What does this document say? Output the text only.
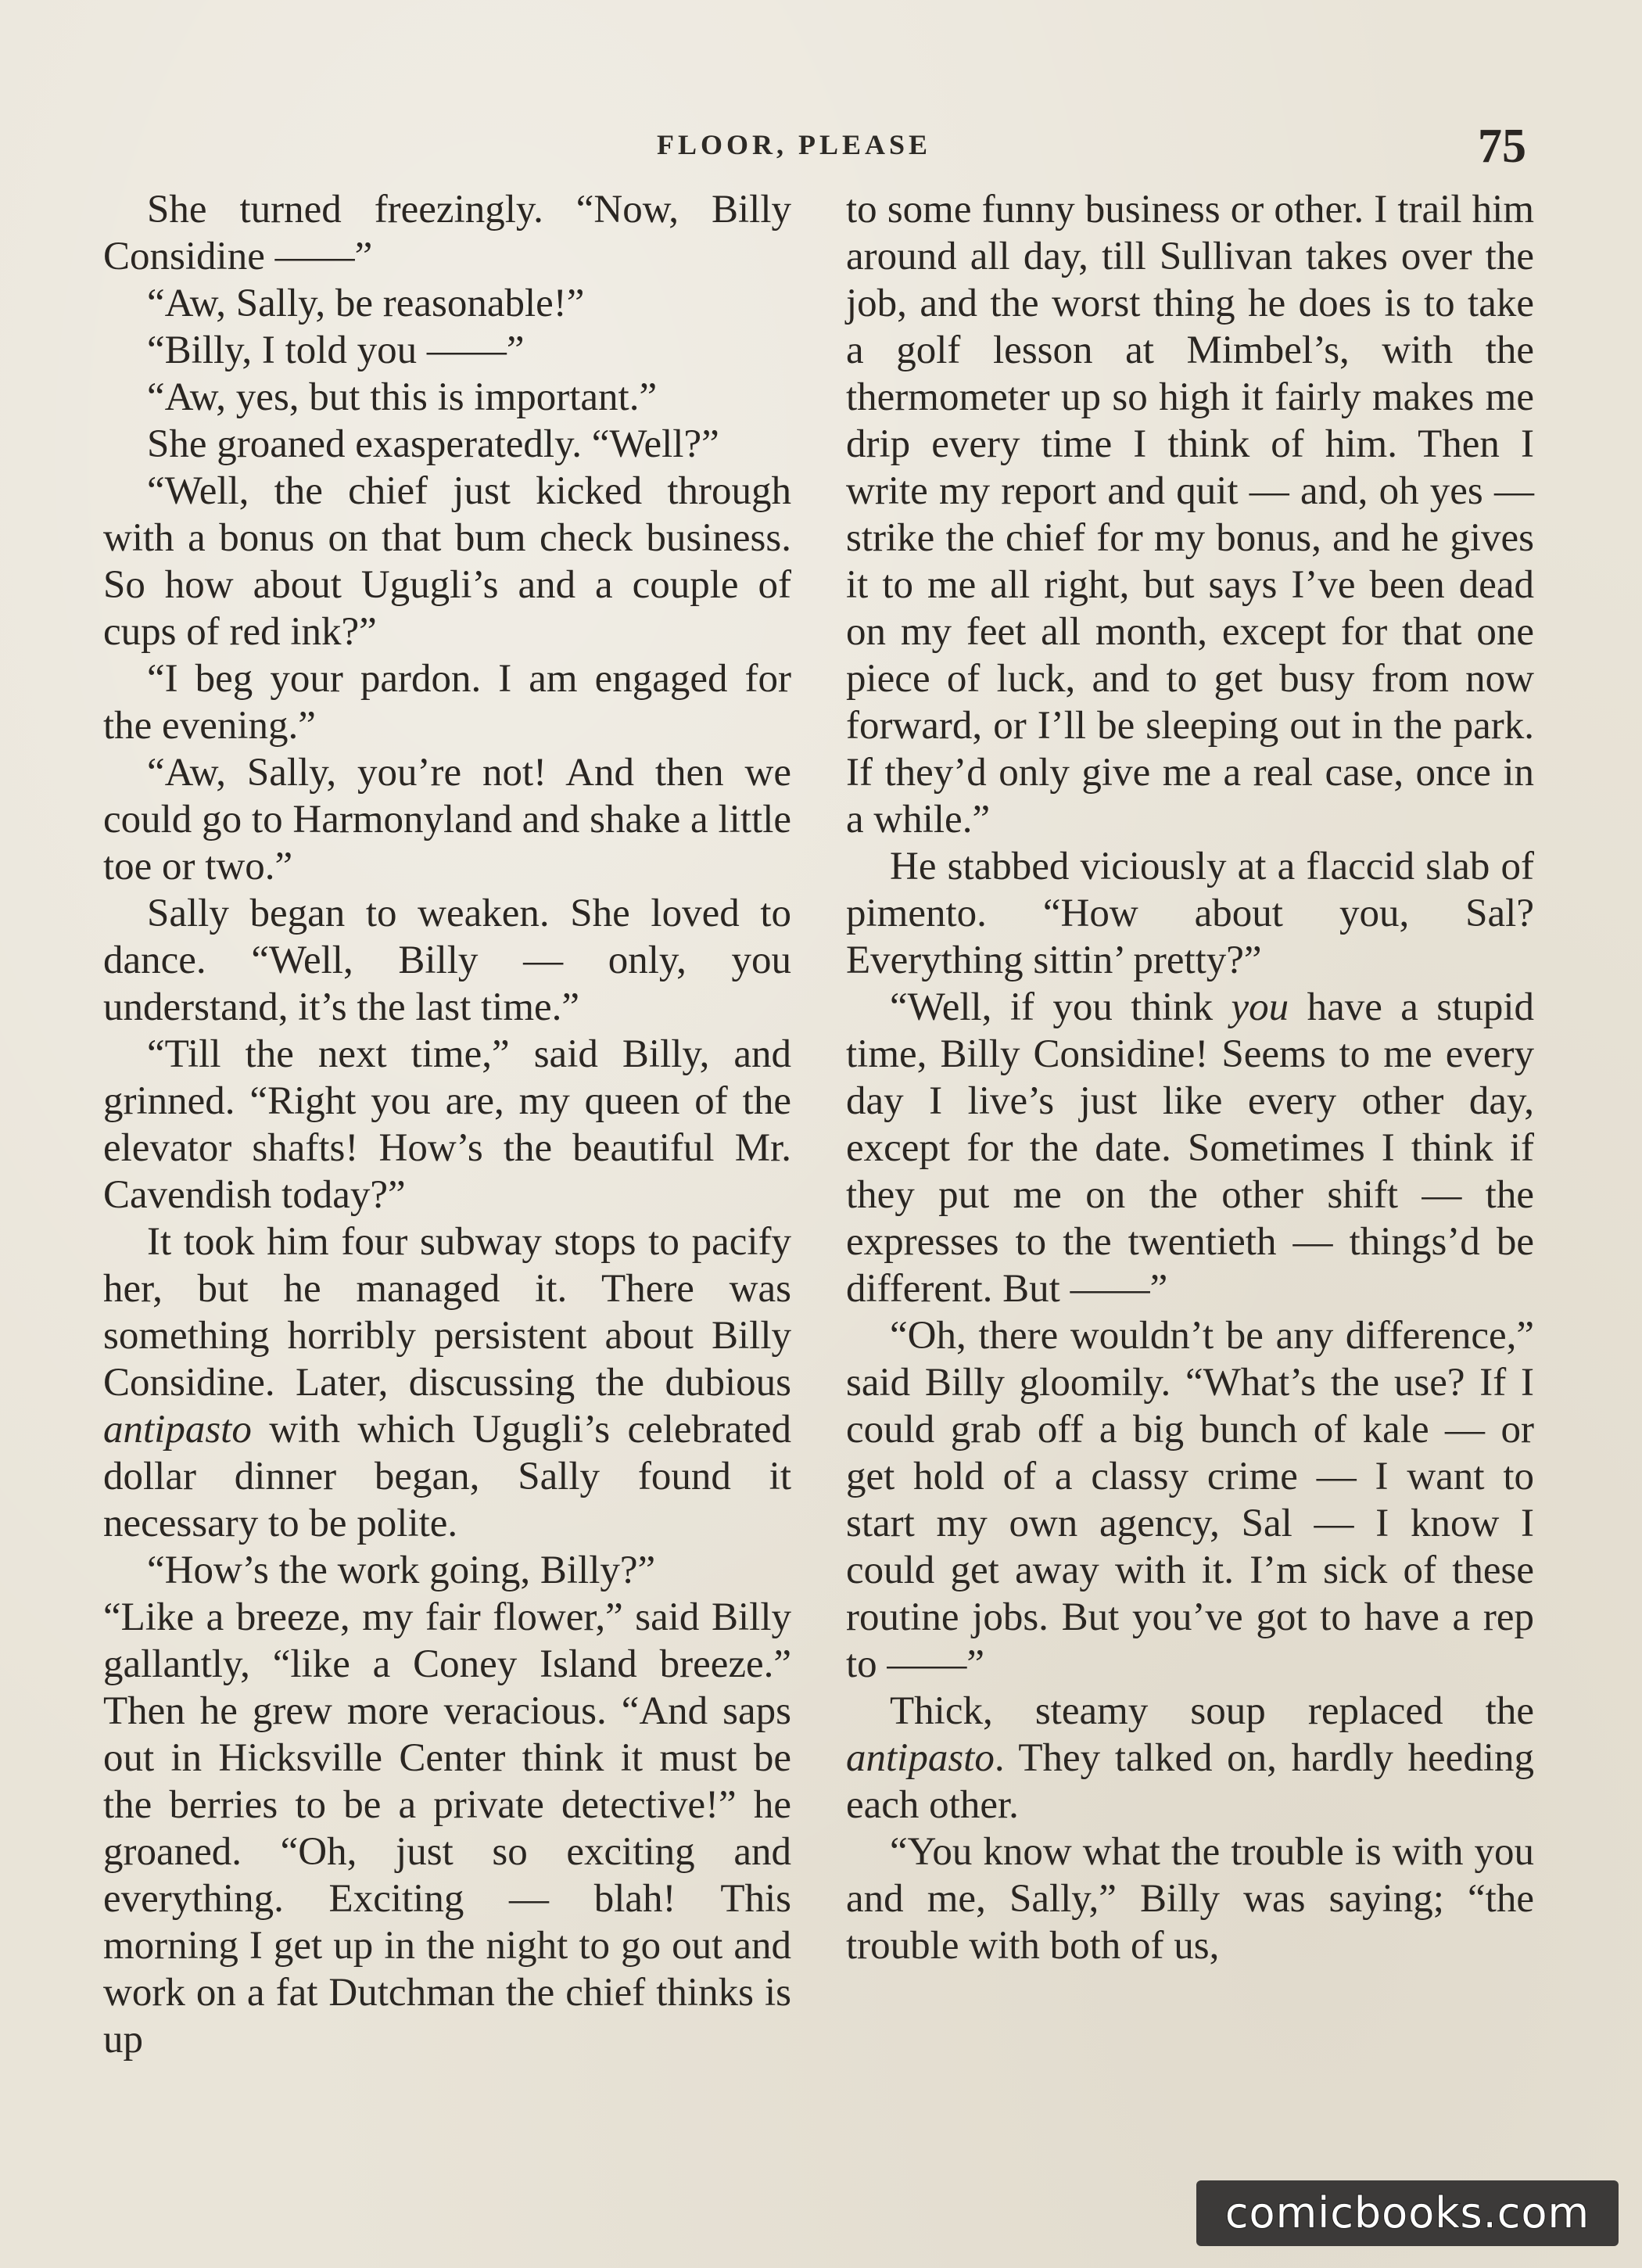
FLOOR, PLEASE	75

She turned freezingly. “Now, Billy Considine ——”

“Aw, Sally, be reasonable!”

“Billy, I told you ——”

“Aw, yes, but this is important.”

She groaned exasperatedly. “Well?”

“Well, the chief just kicked through with a bonus on that bum check business. So how about Ugugli’s and a couple of cups of red ink?”

“I beg your pardon. I am engaged for the evening.”

“Aw, Sally, you’re not! And then we could go to Harmonyland and shake a little toe or two.”

Sally began to weaken. She loved to dance. “Well, Billy — only, you understand, it’s the last time.”

“Till the next time,” said Billy, and grinned. “Right you are, my queen of the elevator shafts! How’s the beautiful Mr. Cavendish today?”

It took him four subway stops to pacify her, but he managed it. There was something horribly persistent about Billy Considine. Later, discussing the dubious antipasto with which Ugugli’s celebrated dollar dinner began, Sally found it necessary to be polite.

“How’s the work going, Billy?”

“Like a breeze, my fair flower,” said Billy gallantly, “like a Coney Island breeze.” Then he grew more veracious. “And saps out in Hicksville Center think it must be the berries to be a private detective!” he groaned. “Oh, just so exciting and everything. Exciting — blah! This morning I get up in the night to go out and work on a fat Dutchman the chief thinks is up

to some funny business or other. I trail him around all day, till Sullivan takes over the job, and the worst thing he does is to take a golf lesson at Mimbel’s, with the thermometer up so high it fairly makes me drip every time I think of him. Then I write my report and quit — and, oh yes — strike the chief for my bonus, and he gives it to me all right, but says I’ve been dead on my feet all month, except for that one piece of luck, and to get busy from now forward, or I’ll be sleeping out in the park. If they’d only give me a real case, once in a while.”

He stabbed viciously at a flaccid slab of pimento. “How about you, Sal? Everything sittin’ pretty?”

“Well, if you think you have a stupid time, Billy Considine! Seems to me every day I live’s just like every other day, except for the date. Sometimes I think if they put me on the other shift — the expresses to the twentieth — things’d be different. But ——”

“Oh, there wouldn’t be any difference,” said Billy gloomily. “What’s the use? If I could grab off a big bunch of kale — or get hold of a classy crime — I want to start my own agency, Sal — I know I could get away with it. I’m sick of these routine jobs. But you’ve got to have a rep to ——”

Thick, steamy soup replaced the antipasto. They talked on, hardly heeding each other.

“You know what the trouble is with you and me, Sally,” Billy was saying; “the trouble with both of us,

comicbooks.com
